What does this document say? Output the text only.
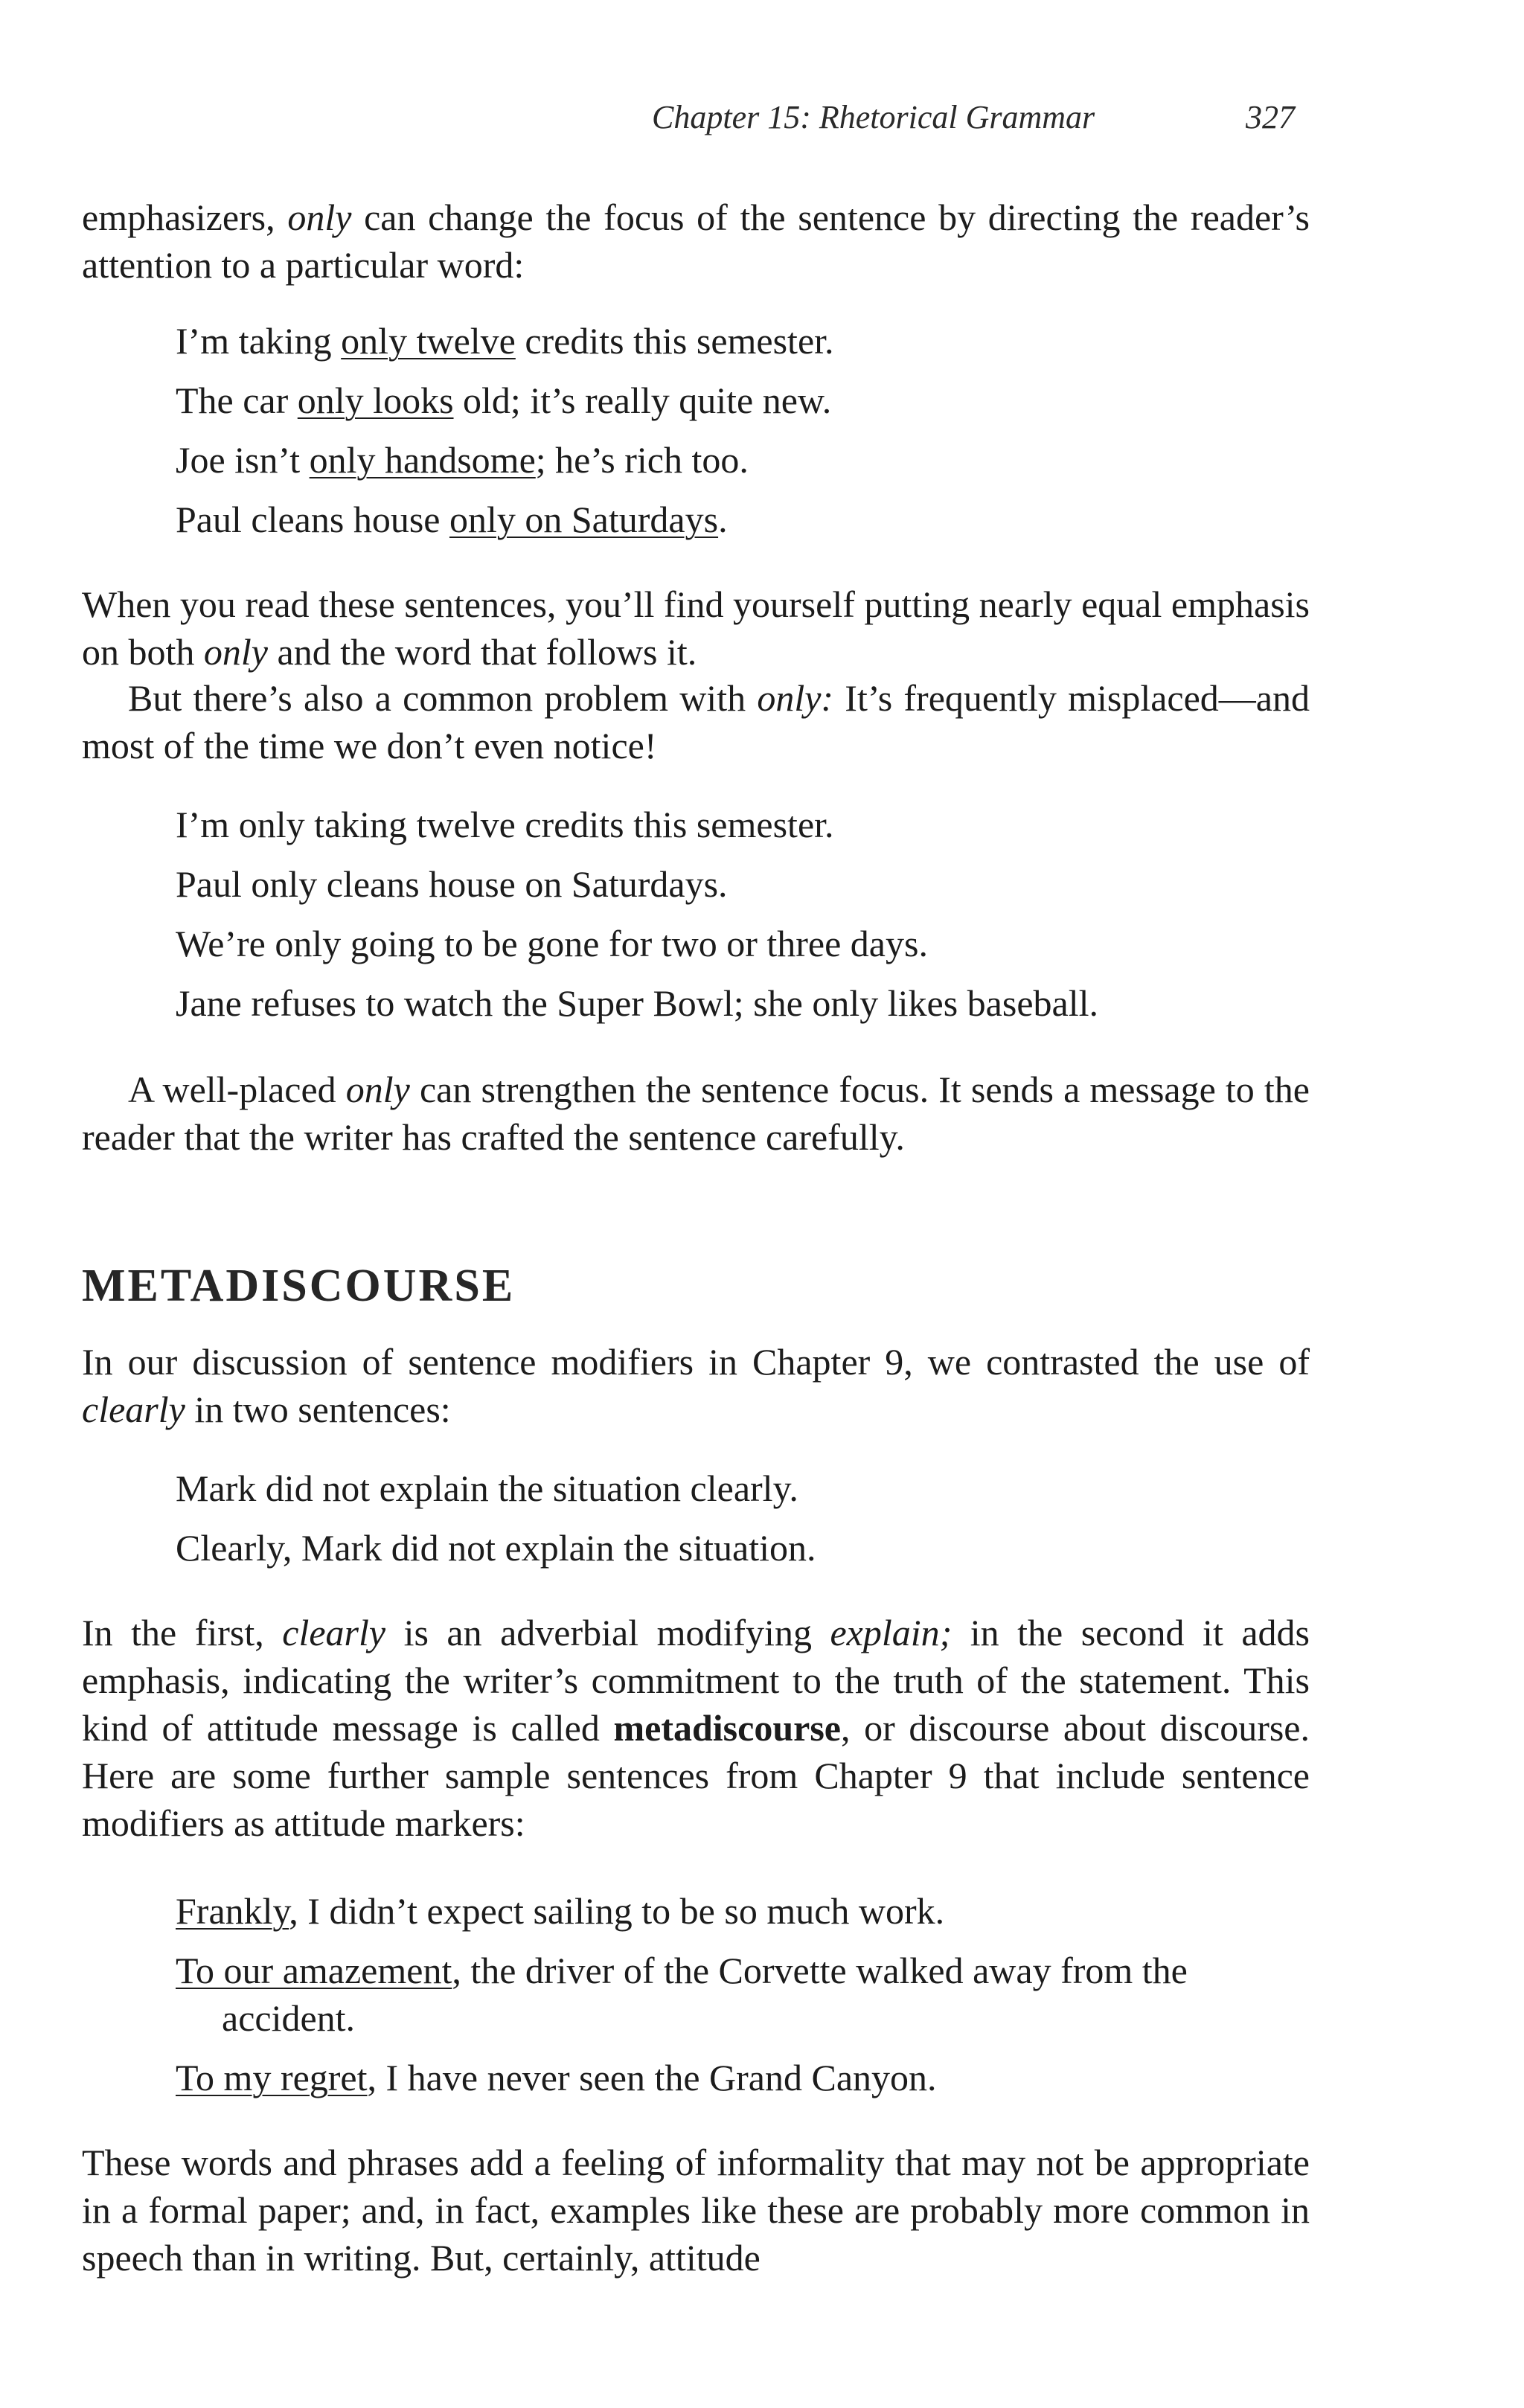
Chapter 15: Rhetorical Grammar	327

emphasizers, only can change the focus of the sentence by directing the reader’s attention to a particular word:

I’m taking only twelve credits this semester.

The car only looks old; it’s really quite new.

Joe isn’t only handsome; he’s rich too.

Paul cleans house only on Saturdays.

When you read these sentences, you’ll find yourself putting nearly equal emphasis on both only and the word that follows it.

But there’s also a common problem with only: It’s frequently misplaced—and most of the time we don’t even notice!

I’m only taking twelve credits this semester.

Paul only cleans house on Saturdays.

We’re only going to be gone for two or three days.

Jane refuses to watch the Super Bowl; she only likes baseball.

A well-placed only can strengthen the sentence focus. It sends a message to the reader that the writer has crafted the sentence carefully.

METADISCOURSE

In our discussion of sentence modifiers in Chapter 9, we contrasted the use of clearly in two sentences:

Mark did not explain the situation clearly.

Clearly, Mark did not explain the situation.

In the first, clearly is an adverbial modifying explain; in the second it adds emphasis, indicating the writer’s commitment to the truth of the statement. This kind of attitude message is called metadiscourse, or discourse about discourse. Here are some further sample sentences from Chapter 9 that include sentence modifiers as attitude markers:

Frankly, I didn’t expect sailing to be so much work.

To our amazement, the driver of the Corvette walked away from the accident.

To my regret, I have never seen the Grand Canyon.

These words and phrases add a feeling of informality that may not be appropriate in a formal paper; and, in fact, examples like these are probably more common in speech than in writing. But, certainly, attitude
